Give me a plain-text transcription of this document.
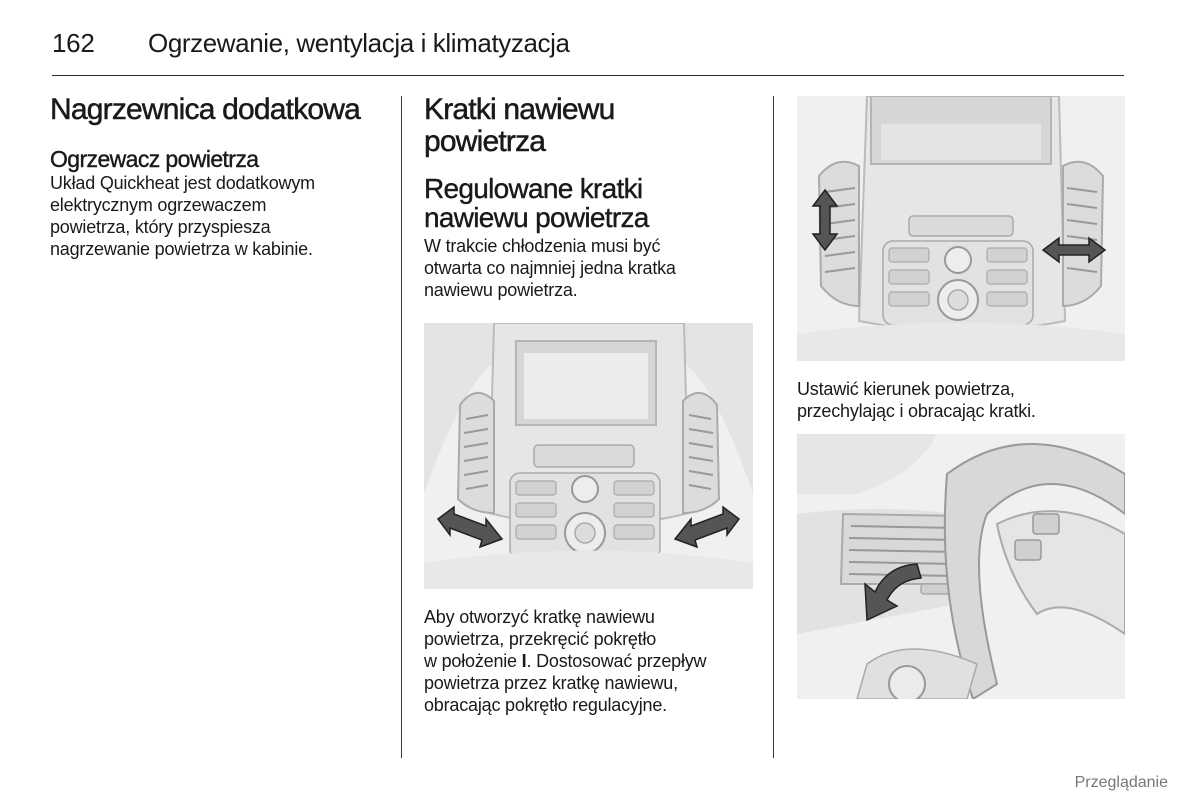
162 Ogrzewanie, wentylacja i klimatyzacja
Nagrzewnica dodatkowa
Ogrzewacz powietrza

Układ Quickheat jest dodatkowym
elektrycznym ogrzewaczem
powietrza, który przyspiesza
nagrzewanie powietrza w kabinie.

Kratki nawiewu
powietrza
Regulowane kratki
nawiewu powietrza

W trakcie chłodzenia musi być
otwarta co najmniej jedna kratka
nawiewu powietrza.

Aby otworzyć kratkę nawiewu
powietrza, przekręcić pokrętło
w położenie I. Dostosować przepływ
powietrza przez kratkę nawiewu,
obracając pokrętło regulacyjne.

Ustawić kierunek powietrza,
przechylając i obracając kratki.

Przeglądanie
